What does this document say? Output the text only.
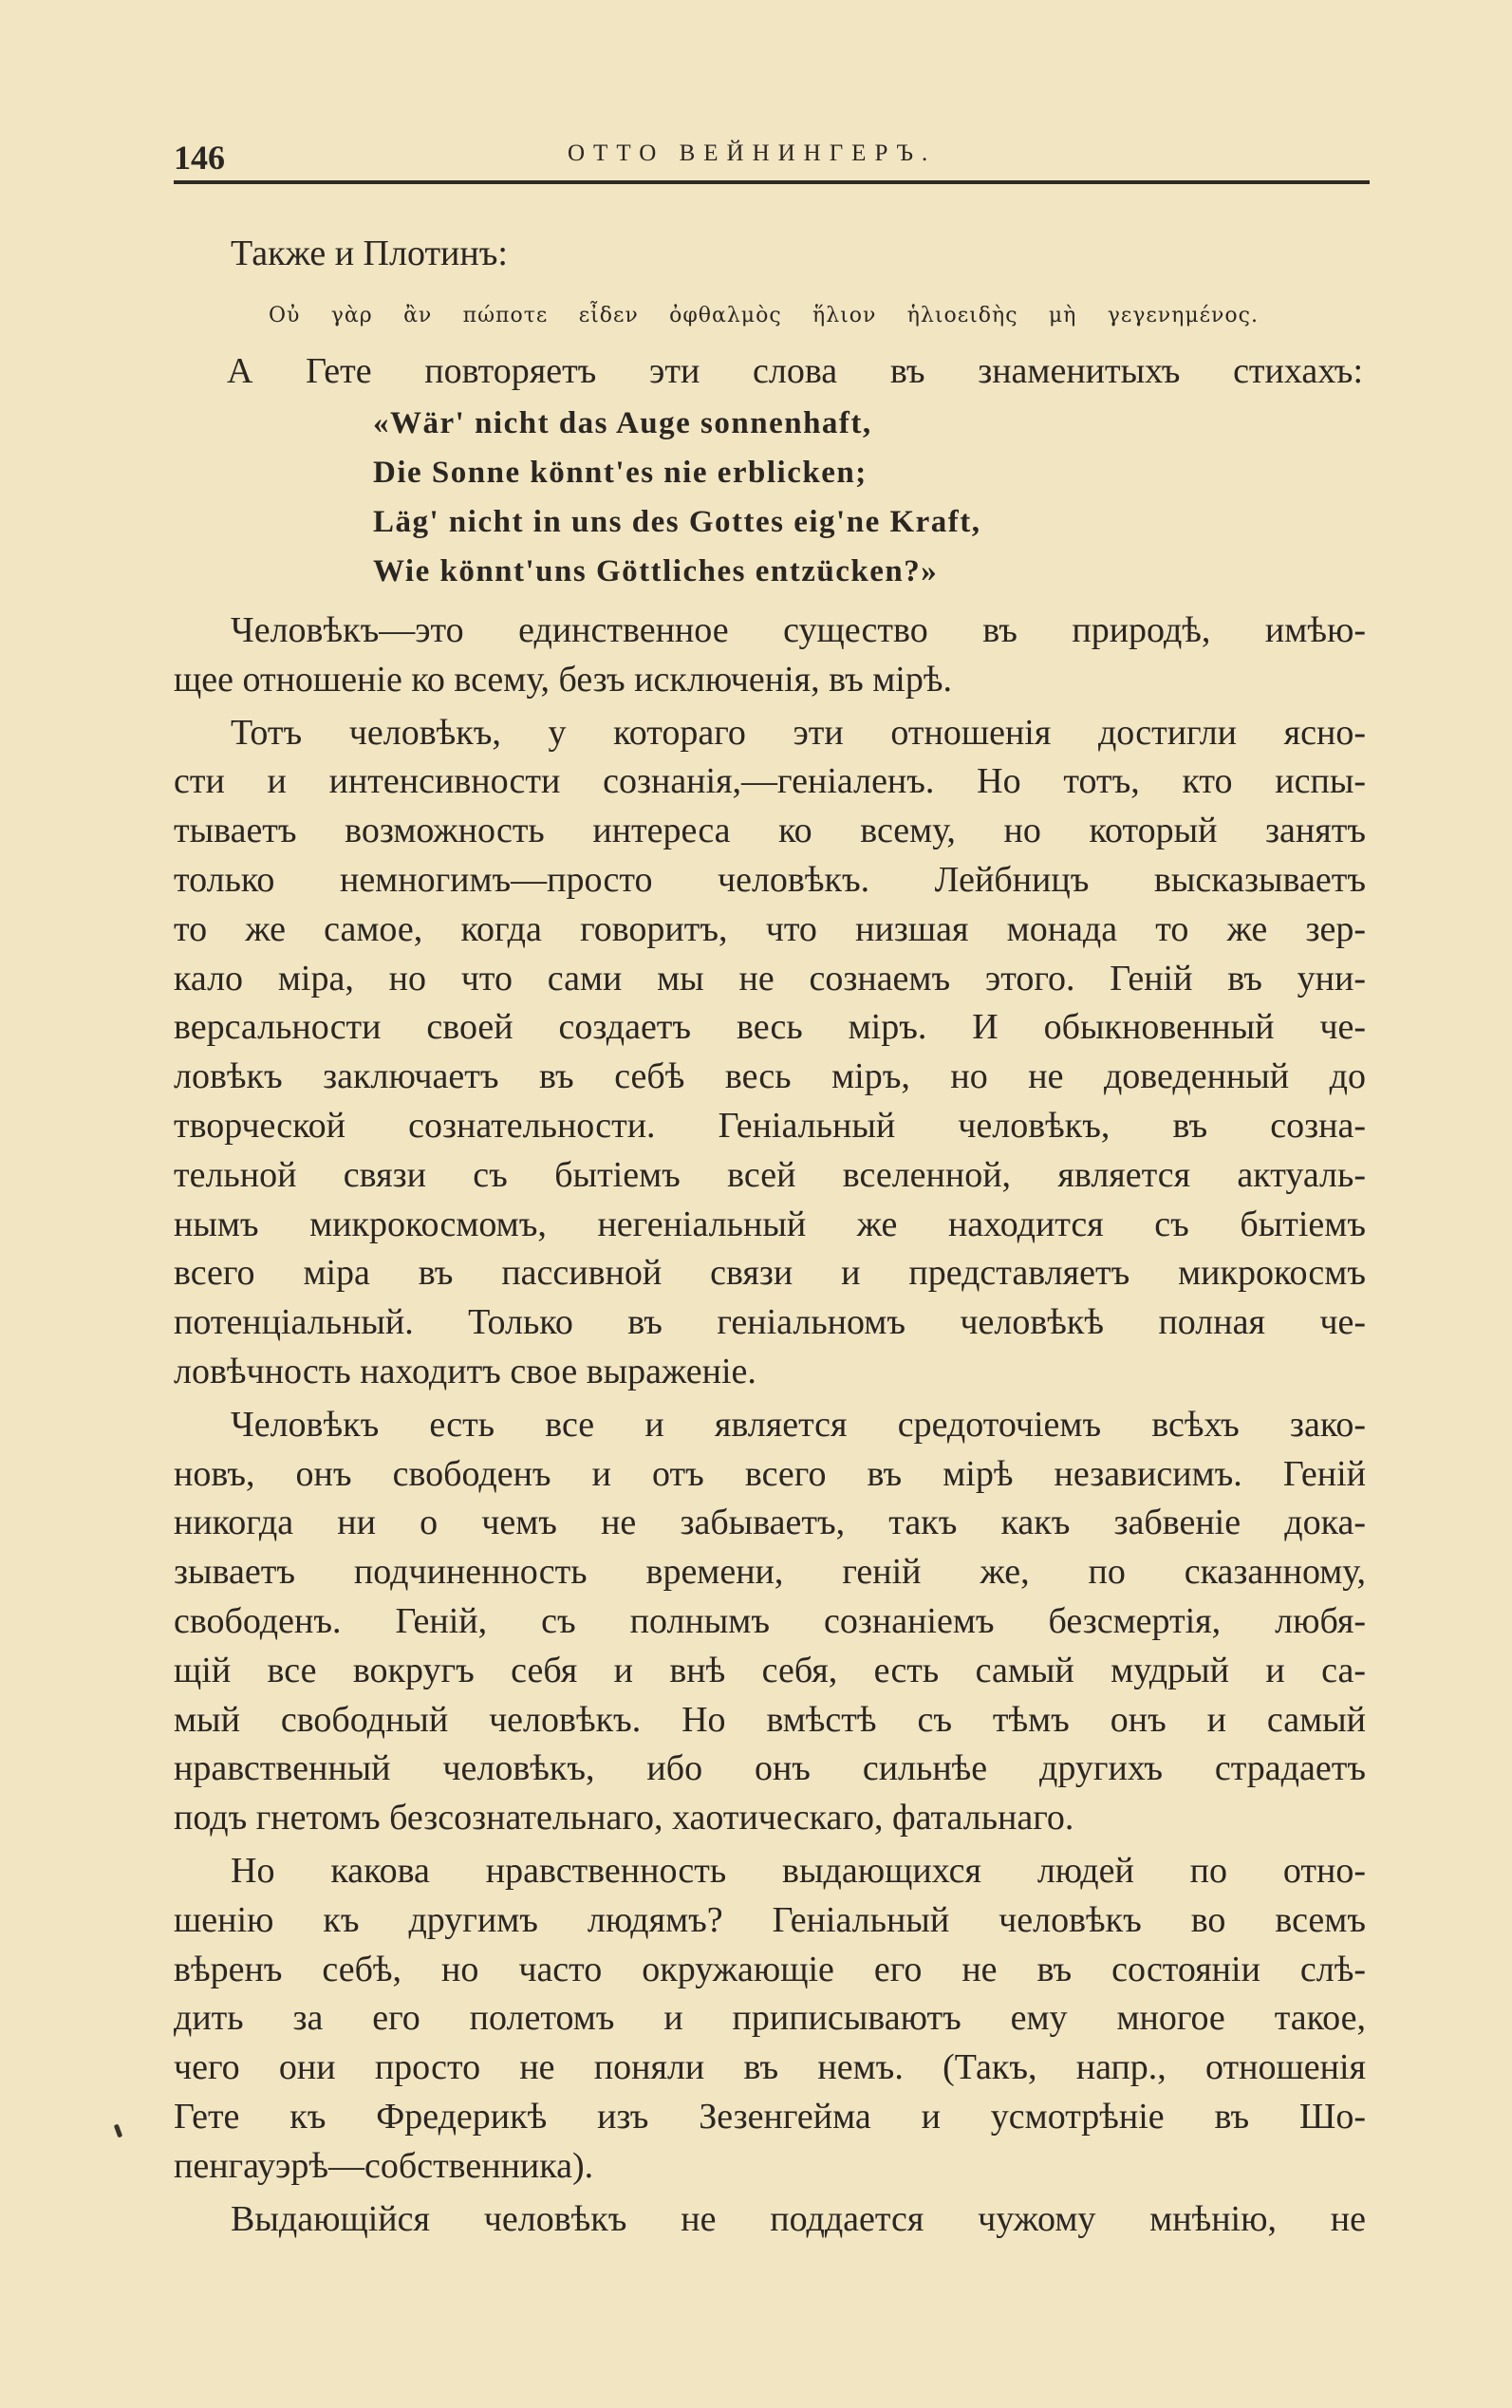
146	ОТТО ВЕЙНИНГЕРЪ.
Также и Плотинъ:
Οὐ γὰρ ἂν πώποτε εἶδεν ὀφθαλμὸς ἥλιον ἡλιοειδὴς μὴ γεγενημένος.
А Гете повторяетъ эти слова въ знаменитыхъ стихахъ:
«Wär' nicht das Auge sonnenhaft,
Die Sonne könnt'es nie erblicken;
Läg' nicht in uns des Gottes eig'ne Kraft,
Wie könnt'uns Göttliches entzücken?»
Человѣкъ—это единственное существо въ природѣ, имѣю-
щее отношеніе ко всему, безъ исключенія, въ мірѣ.
Тотъ человѣкъ, у котораго эти отношенія достигли ясно-
сти и интенсивности сознанія,—геніаленъ. Но тотъ, кто испы-
тываетъ возможность интереса ко всему, но который занятъ
только немногимъ—просто человѣкъ. Лейбницъ высказываетъ
то же самое, когда говоритъ, что низшая монада то же зер-
кало міра, но что сами мы не сознаемъ этого. Геній въ уни-
версальности своей создаетъ весь міръ. И обыкновенный че-
ловѣкъ заключаетъ въ себѣ весь міръ, но не доведенный до
творческой сознательности. Геніальный человѣкъ, въ созна-
тельной связи съ бытіемъ всей вселенной, является актуаль-
нымъ микрокосмомъ, негеніальный же находится съ бытіемъ
всего міра въ пассивной связи и представляетъ микрокосмъ
потенціальный. Только въ геніальномъ человѣкѣ полная че-
ловѣчность находитъ свое выраженіе.
Человѣкъ есть все и является средоточіемъ всѣхъ зако-
новъ, онъ свободенъ и отъ всего въ мірѣ независимъ. Геній
никогда ни о чемъ не забываетъ, такъ какъ забвеніе дока-
зываетъ подчиненность времени, геній же, по сказанному,
свободенъ. Геній, съ полнымъ сознаніемъ безсмертія, любя-
щій все вокругъ себя и внѣ себя, есть самый мудрый и са-
мый свободный человѣкъ. Но вмѣстѣ съ тѣмъ онъ и самый
нравственный человѣкъ, ибо онъ сильнѣе другихъ страдаетъ
подъ гнетомъ безсознательнаго, хаотическаго, фатальнаго.
Но какова нравственность выдающихся людей по отно-
шенію къ другимъ людямъ? Геніальный человѣкъ во всемъ
вѣренъ себѣ, но часто окружающіе его не въ состояніи слѣ-
дить за его полетомъ и приписываютъ ему многое такое,
чего они просто не поняли въ немъ. (Такъ, напр., отношенія
Гете къ Фредерикѣ изъ Зезенгейма и усмотрѣніе въ Шо-
пенгауэрѣ—собственника).
Выдающійся человѣкъ не поддается чужому мнѣнію, не
